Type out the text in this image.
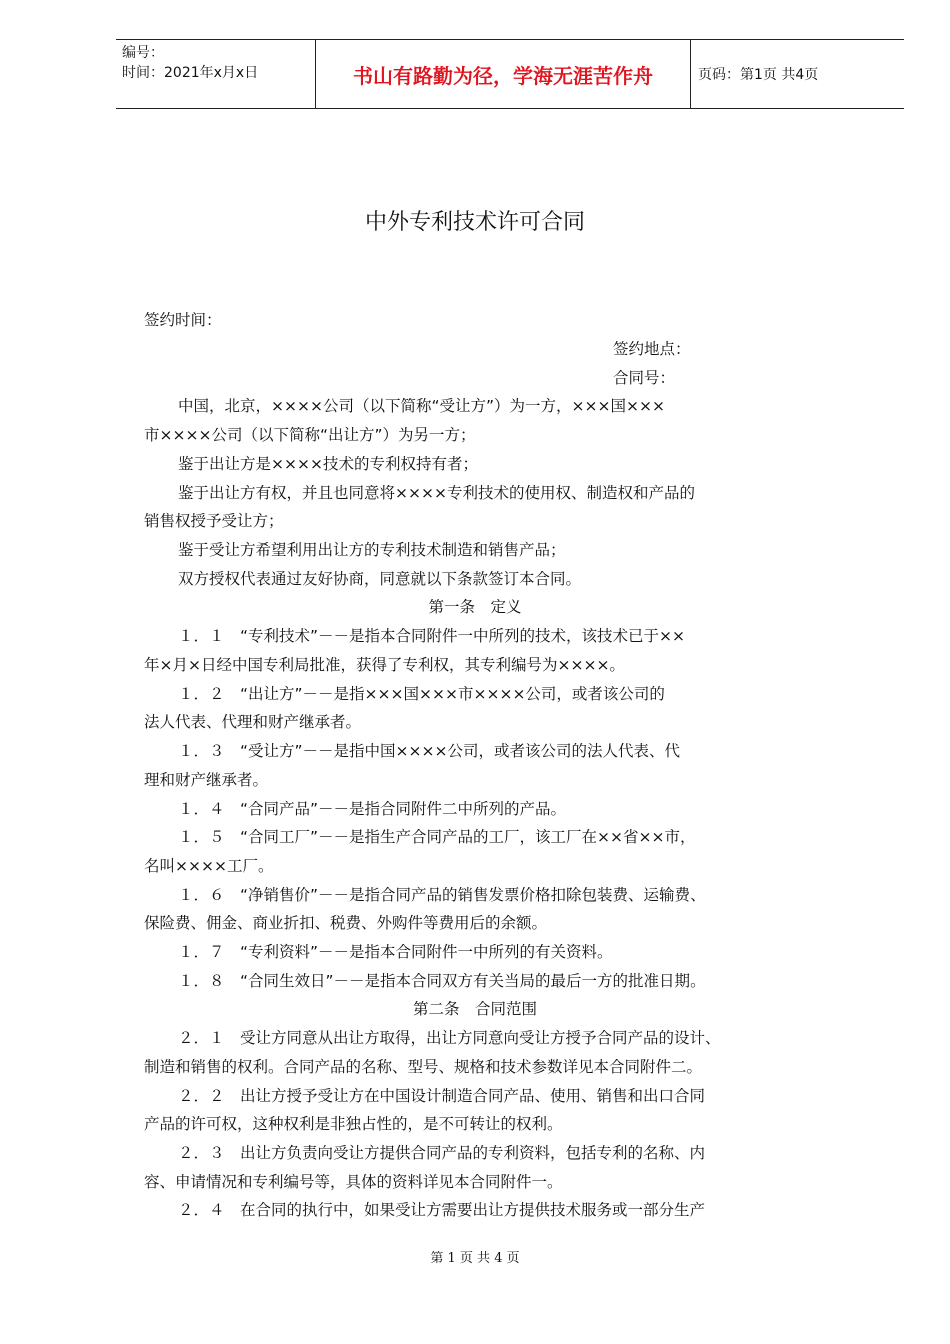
编号：
时间：2021年x月x日	书山有路勤为径，学海无涯苦作舟	页码：第1页 共4页
中外专利技术许可合同
签约时间：
签约地点：
合同号：
中国，北京，××××公司（以下简称“受让方”）为一方，×××国×××
市××××公司（以下简称“出让方”）为另一方；
鉴于出让方是××××技术的专利权持有者；
鉴于出让方有权，并且也同意将××××专利技术的使用权、制造权和产品的
销售权授予受让方；
鉴于受让方希望利用出让方的专利技术制造和销售产品；
双方授权代表通过友好协商，同意就以下条款签订本合同。
第一条　定义
１．１　“专利技术”－－是指本合同附件一中所列的技术，该技术已于××
年×月×日经中国专利局批准，获得了专利权，其专利编号为××××。
１．２　“出让方”－－是指×××国×××市××××公司，或者该公司的
法人代表、代理和财产继承者。
１．３　“受让方”－－是指中国××××公司，或者该公司的法人代表、代
理和财产继承者。
１．４　“合同产品”－－是指合同附件二中所列的产品。
１．５　“合同工厂”－－是指生产合同产品的工厂，该工厂在××省××市，
名叫××××工厂。
１．６　“净销售价”－－是指合同产品的销售发票价格扣除包装费、运输费、
保险费、佣金、商业折扣、税费、外购件等费用后的余额。
１．７　“专利资料”－－是指本合同附件一中所列的有关资料。
１．８　“合同生效日”－－是指本合同双方有关当局的最后一方的批准日期。
第二条　合同范围
２．１　受让方同意从出让方取得，出让方同意向受让方授予合同产品的设计、
制造和销售的权利。合同产品的名称、型号、规格和技术参数详见本合同附件二。
２．２　出让方授予受让方在中国设计制造合同产品、使用、销售和出口合同
产品的许可权，这种权利是非独占性的，是不可转让的权利。
２．３　出让方负责向受让方提供合同产品的专利资料，包括专利的名称、内
容、申请情况和专利编号等，具体的资料详见本合同附件一。
２．４　在合同的执行中，如果受让方需要出让方提供技术服务或一部分生产
第 1 页 共 4 页
